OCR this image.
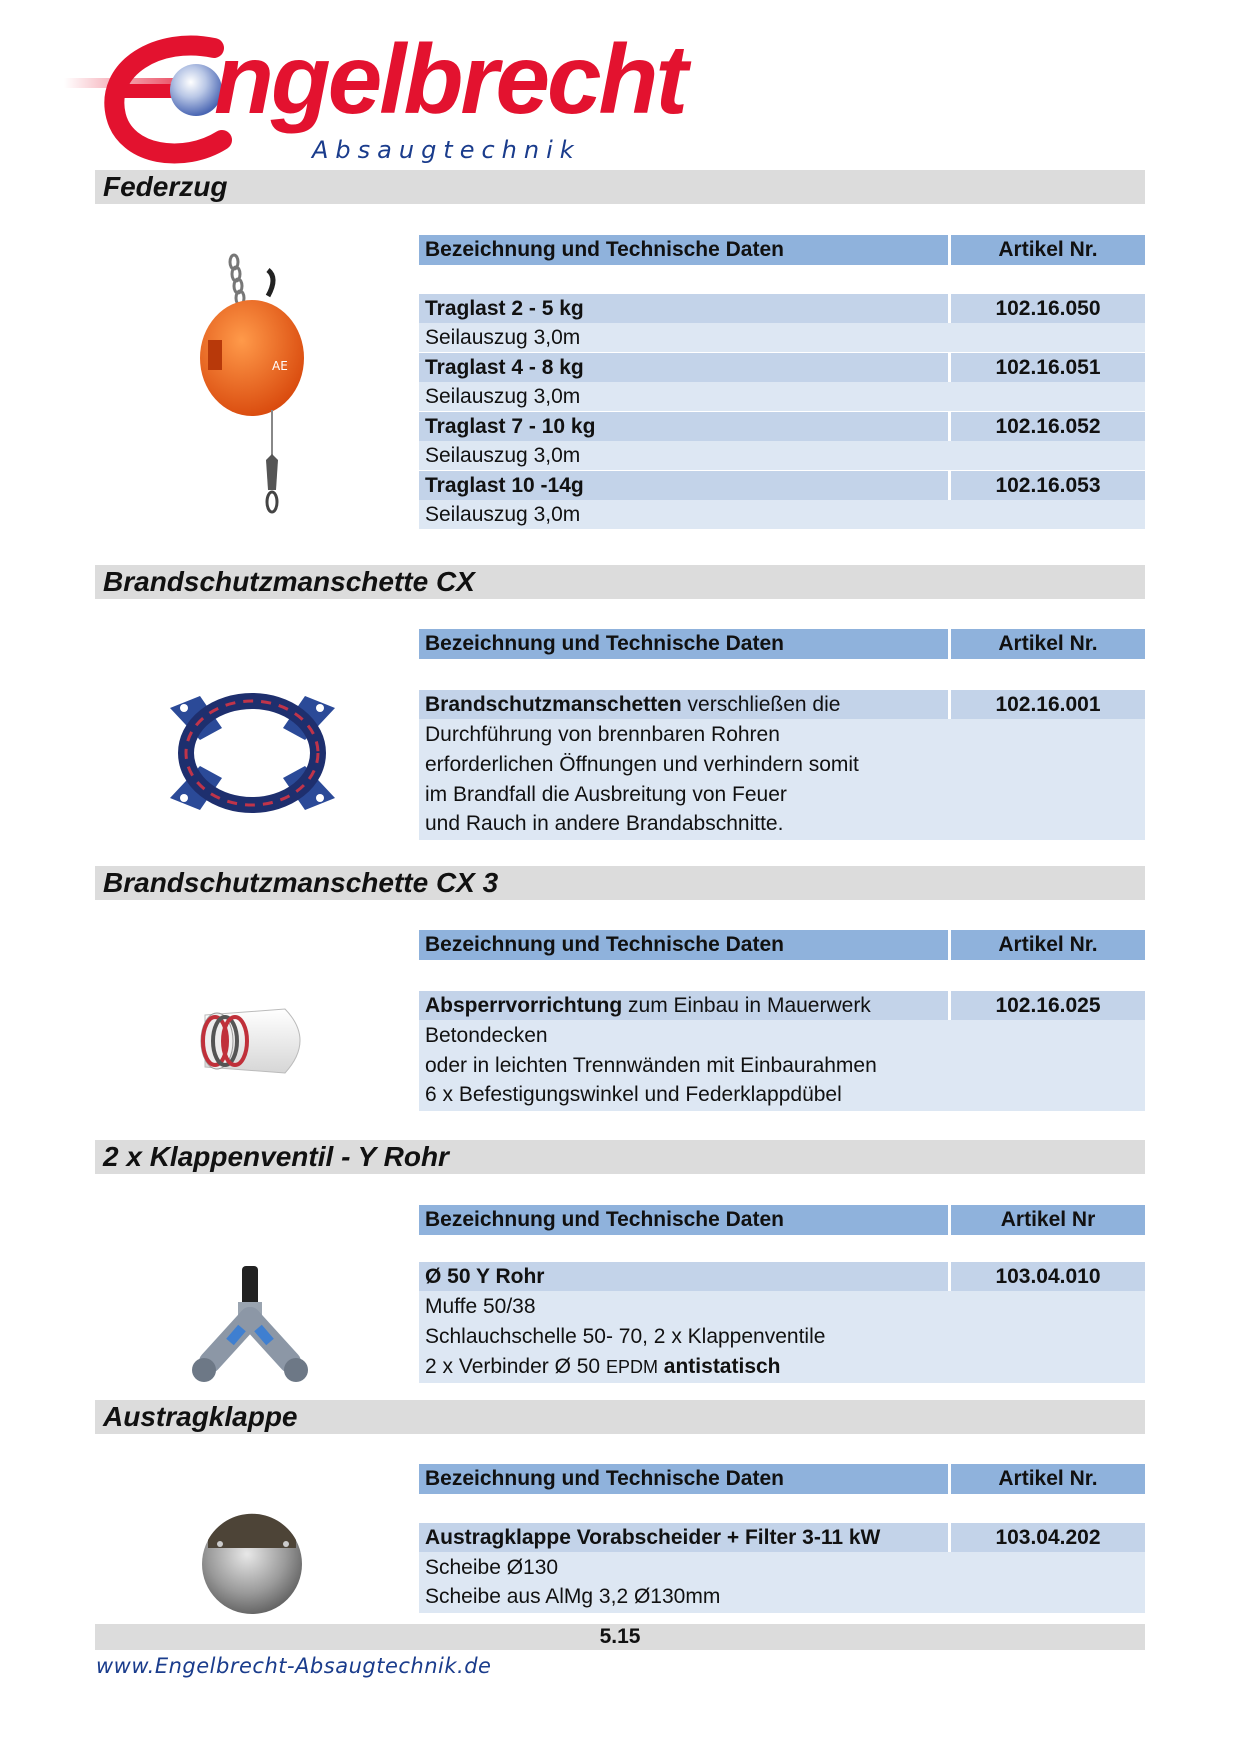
ngelbrecht
Absaugtechnik
Federzug
Bezeichnung und Technische Daten	Artikel Nr.
Traglast 2 - 5 kg	102.16.050
Seilauszug 3,0m
Traglast 4 - 8 kg	102.16.051
Seilauszug 3,0m
Traglast 7 - 10 kg	102.16.052
Seilauszug 3,0m
Traglast 10 -14g	102.16.053
Seilauszug 3,0m
AE
Brandschutzmanschette CX
Bezeichnung und Technische Daten	Artikel Nr.
Brandschutzmanschetten verschließen die	102.16.001
Durchführung von brennbaren Rohren
erforderlichen Öffnungen und verhindern somit
im Brandfall die Ausbreitung von Feuer
und Rauch in andere Brandabschnitte.
Brandschutzmanschette CX 3
Bezeichnung und Technische Daten	Artikel Nr.
Absperrvorrichtung zum Einbau in Mauerwerk	102.16.025
Betondecken
oder in leichten Trennwänden mit Einbaurahmen
6 x Befestigungswinkel und Federklappdübel
2 x Klappenventil - Y Rohr
Bezeichnung und Technische Daten	Artikel Nr
Ø 50 Y Rohr	103.04.010
Muffe 50/38
Schlauchschelle 50- 70, 2 x Klappenventile
2 x Verbinder Ø 50 EPDM antistatisch
Austragklappe
Bezeichnung und Technische Daten	Artikel Nr.
Austragklappe Vorabscheider + Filter 3-11 kW	103.04.202
Scheibe Ø130
Scheibe aus AlMg 3,2 Ø130mm
5.15
www.Engelbrecht-Absaugtechnik.de
